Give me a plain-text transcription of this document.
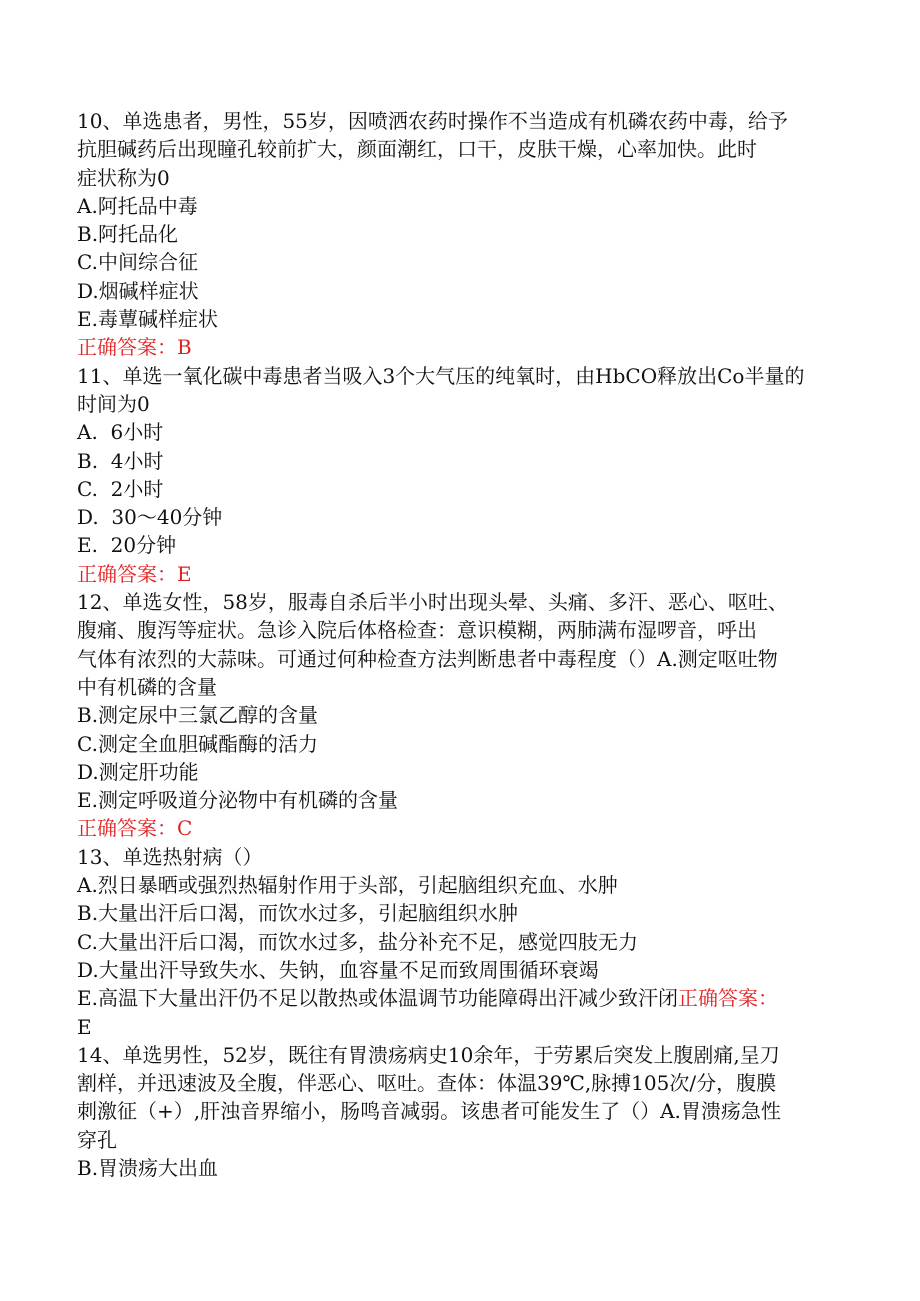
10、单选患者，男性，55岁，因喷洒农药时操作不当造成有机磷农药中毒，给予
抗胆碱药后出现瞳孔较前扩大，颜面潮红，口干，皮肤干燥，心率加快。此时
症状称为0

A.阿托品中毒

B.阿托品化

C.中间综合征

D.烟碱样症状

E.毒蕈碱样症状

正确答案：B

11、单选一氧化碳中毒患者当吸入3个大气压的纯氧时，由HbCO释放出Co半量的
时间为0

A.  6小时

B.  4小时

C.  2小时

D.  30～40分钟

E.  20分钟

正确答案：E

12、单选女性，58岁，服毒自杀后半小时出现头晕、头痛、多汗、恶心、呕吐、
腹痛、腹泻等症状。急诊入院后体格检查：意识模糊，两肺满布湿啰音，呼出
气体有浓烈的大蒜味。可通过何种检查方法判断患者中毒程度（）A.测定呕吐物
中有机磷的含量

B.测定尿中三氯乙醇的含量

C.测定全血胆碱酯酶的活力

D.测定肝功能

E.测定呼吸道分泌物中有机磷的含量

正确答案：C

13、单选热射病（）

A.烈日暴晒或强烈热辐射作用于头部，引起脑组织充血、水肿

B.大量出汗后口渴，而饮水过多，引起脑组织水肿

C.大量出汗后口渴，而饮水过多，盐分补充不足，感觉四肢无力

D.大量出汗导致失水、失钠，血容量不足而致周围循环衰竭

E.高温下大量出汗仍不足以散热或体温调节功能障碍出汗减少致汗闭正确答案：

E

14、单选男性，52岁，既往有胃溃疡病史10余年，于劳累后突发上腹剧痛,呈刀
割样，并迅速波及全腹，伴恶心、呕吐。查体：体温39℃,脉搏105次/分，腹膜
刺激征（+）,肝浊音界缩小，肠鸣音减弱。该患者可能发生了（）A.胃溃疡急性
穿孔

B.胃溃疡大出血
